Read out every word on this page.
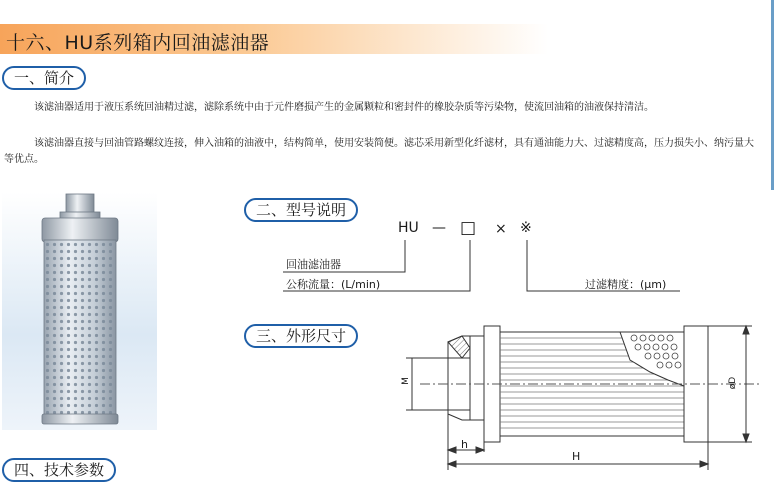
十六、HU系列箱内回油滤油器
一、简介
该滤油器适用于液压系统回油精过滤，滤除系统中由于元件磨损产生的金属颗粒和密封件的橡胶杂质等污染物，使流回油箱的油液保持清洁。
该滤油器直接与回油管路螺纹连接，伸入油箱的油液中，结构简单，使用安装简便。滤芯采用新型化纤滤材，具有通油能力大、过滤精度高，压力损失小、纳污量大等优点。
二、型号说明
HU — □ × ※
回油滤油器
公称流量：(L/min)	过滤精度：(μm)
三、外形尺寸
M
h
H
øD
四、技术参数
